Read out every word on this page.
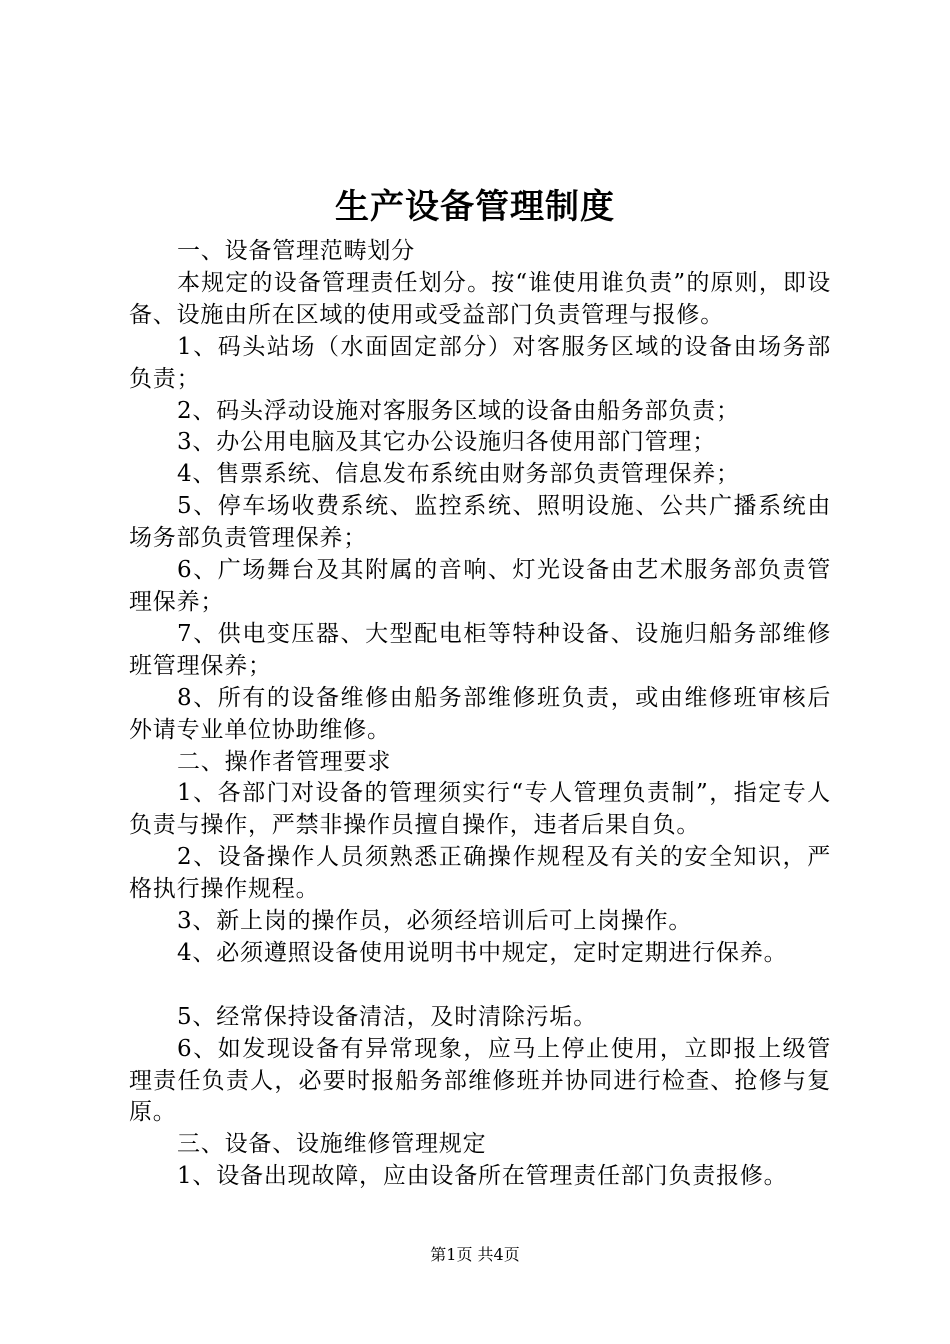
生产设备管理制度

一、设备管理范畴划分

本规定的设备管理责任划分。按“谁使用谁负责”的原则，即设备、设施由所在区域的使用或受益部门负责管理与报修。

1、码头站场（水面固定部分）对客服务区域的设备由场务部负责；

2、码头浮动设施对客服务区域的设备由船务部负责；

3、办公用电脑及其它办公设施归各使用部门管理；

4、售票系统、信息发布系统由财务部负责管理保养；

5、停车场收费系统、监控系统、照明设施、公共广播系统由场务部负责管理保养；

6、广场舞台及其附属的音响、灯光设备由艺术服务部负责管理保养；

7、供电变压器、大型配电柜等特种设备、设施归船务部维修班管理保养；

8、所有的设备维修由船务部维修班负责，或由维修班审核后外请专业单位协助维修。

二、操作者管理要求

1、各部门对设备的管理须实行“专人管理负责制”，指定专人负责与操作，严禁非操作员擅自操作，违者后果自负。

2、设备操作人员须熟悉正确操作规程及有关的安全知识，严格执行操作规程。

3、新上岗的操作员，必须经培训后可上岗操作。

4、必须遵照设备使用说明书中规定，定时定期进行保养。

5、经常保持设备清洁，及时清除污垢。

6、如发现设备有异常现象，应马上停止使用，立即报上级管理责任负责人，必要时报船务部维修班并协同进行检查、抢修与复原。

三、设备、设施维修管理规定

1、设备出现故障，应由设备所在管理责任部门负责报修。

第1页 共4页
